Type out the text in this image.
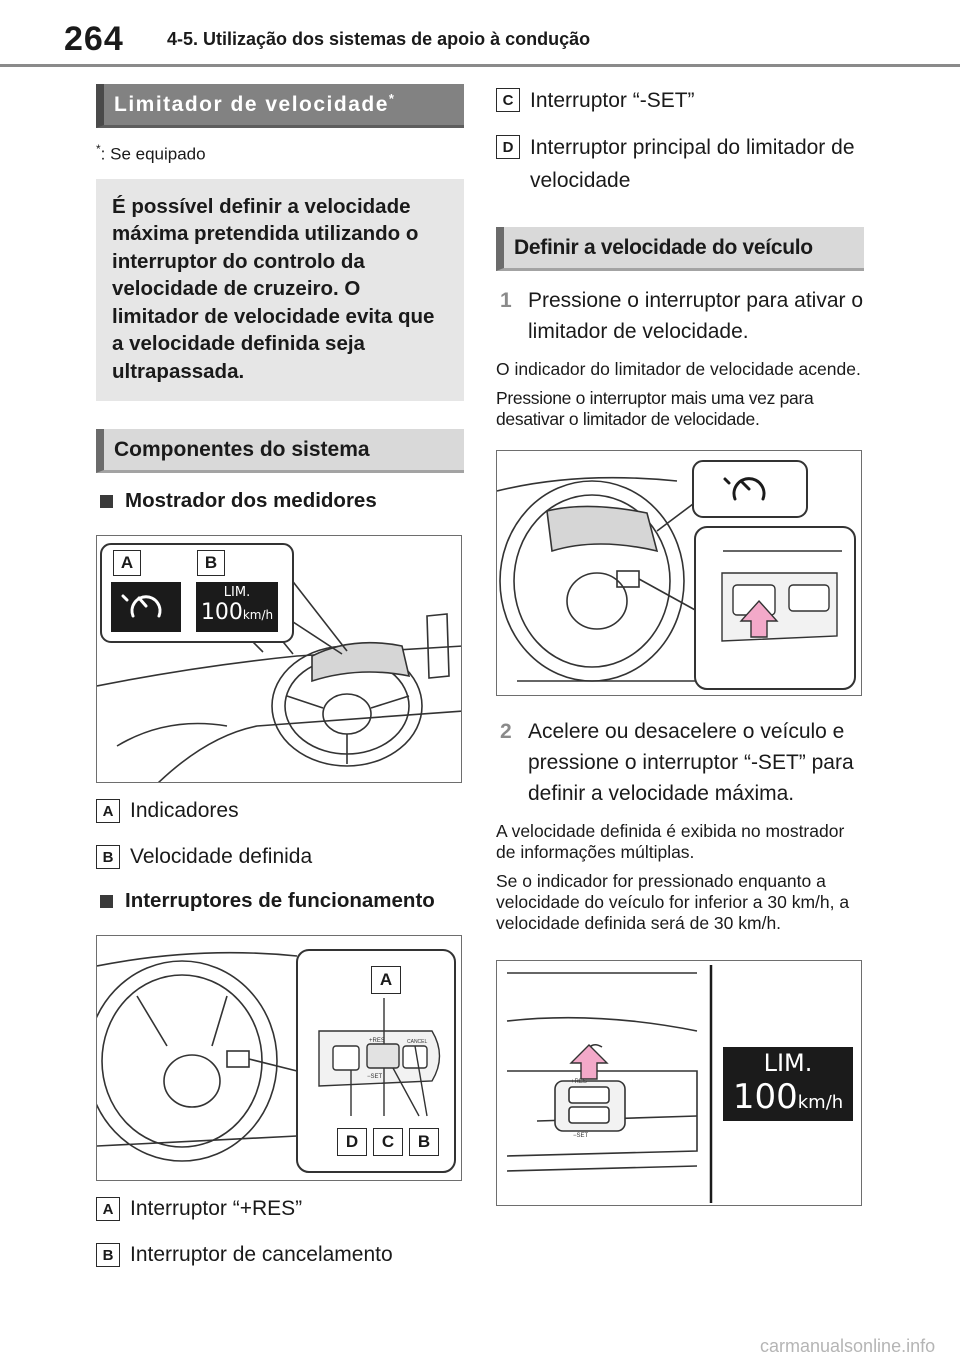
264 4-5. Utilização dos sistemas de apoio à condução
Limitador de velocidade*
*: Se equipado
É possível definir a velocidade máxima pretendida utilizando o interruptor do controlo da velocidade de cruzeiro. O limitador de velocidade evita que a velocidade definida seja ultrapassada.
Componentes do sistema
Mostrador dos medidores
A	B
LIM.
100km/h
A Indicadores
B Velocidade definida
Interruptores de funcionamento
+RES
−SET
CANCEL
A
D	C	B
A Interruptor “+RES”
B Interruptor de cancelamento
C Interruptor “-SET”
D Interruptor principal do limitador de velocidade
Definir a velocidade do veículo
1 Pressione o interruptor para ativar o limitador de velocidade.

O indicador do limitador de velocidade acende.

Pressione o interruptor mais uma vez para desativar o limitador de velocidade.

2 Acelere ou desacelere o veículo e pressione o interruptor “-SET” para definir a velocidade máxima.

A velocidade definida é exibida no mostrador de informações múltiplas.

Se o indicador for pressionado enquanto a velocidade do veículo for inferior a 30 km/h, a velocidade definida será de 30 km/h.

+RES
−SET
LIM.
100km/h
carmanualsonline.info
